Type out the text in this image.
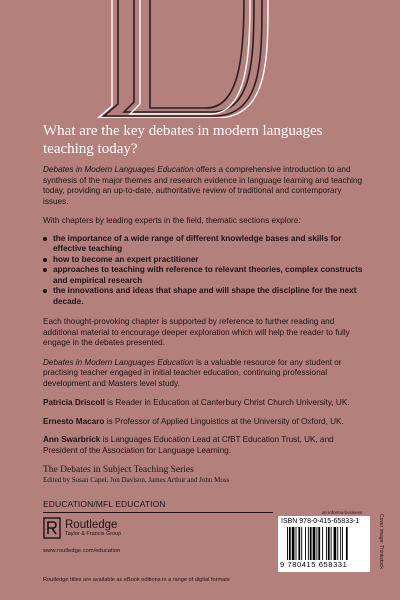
What are the key debates in modern languages teaching today?

Debates in Modern Languages Education offers a comprehensive introduction to and synthesis of the major themes and research evidence in language learning and teaching today, providing an up-to-date, authoritative review of traditional and contemporary issues.

With chapters by leading experts in the field, thematic sections explore:

the importance of a wide range of different knowledge bases and skills for effective teaching
how to become an expert practitioner
approaches to teaching with reference to relevant theories, complex constructs and empirical research
the innovations and ideas that shape and will shape the discipline for the next decade.

Each thought-provoking chapter is supported by reference to further reading and additional material to encourage deeper exploration which will help the reader to fully engage in the debates presented.

Debates in Modern Languages Education is a valuable resource for any student or practising teacher engaged in initial teacher education, continuing professional development and Masters level study.

Patricia Driscoll is Reader in Education at Canterbury Christ Church University, UK.

Ernesto Macaro is Professor of Applied Linguistics at the University of Oxford, UK.

Ann Swarbrick is Languages Education Lead at CfBT Education Trust, UK, and President of the Association for Language Learning.

The Debates in Subject Teaching Series
Edited by Susan Capel, Jon Davison, James Arthur and John Moss
EDUCATION/MFL EDUCATION
Routledge
Taylor & Francis Group
www.routledge.com/education
an informa business
ISBN 978-0-415-65833-1
9 780415 658331	Cover image: Thinkstock
Routledge titles are available as eBook editions in a range of digital formats
